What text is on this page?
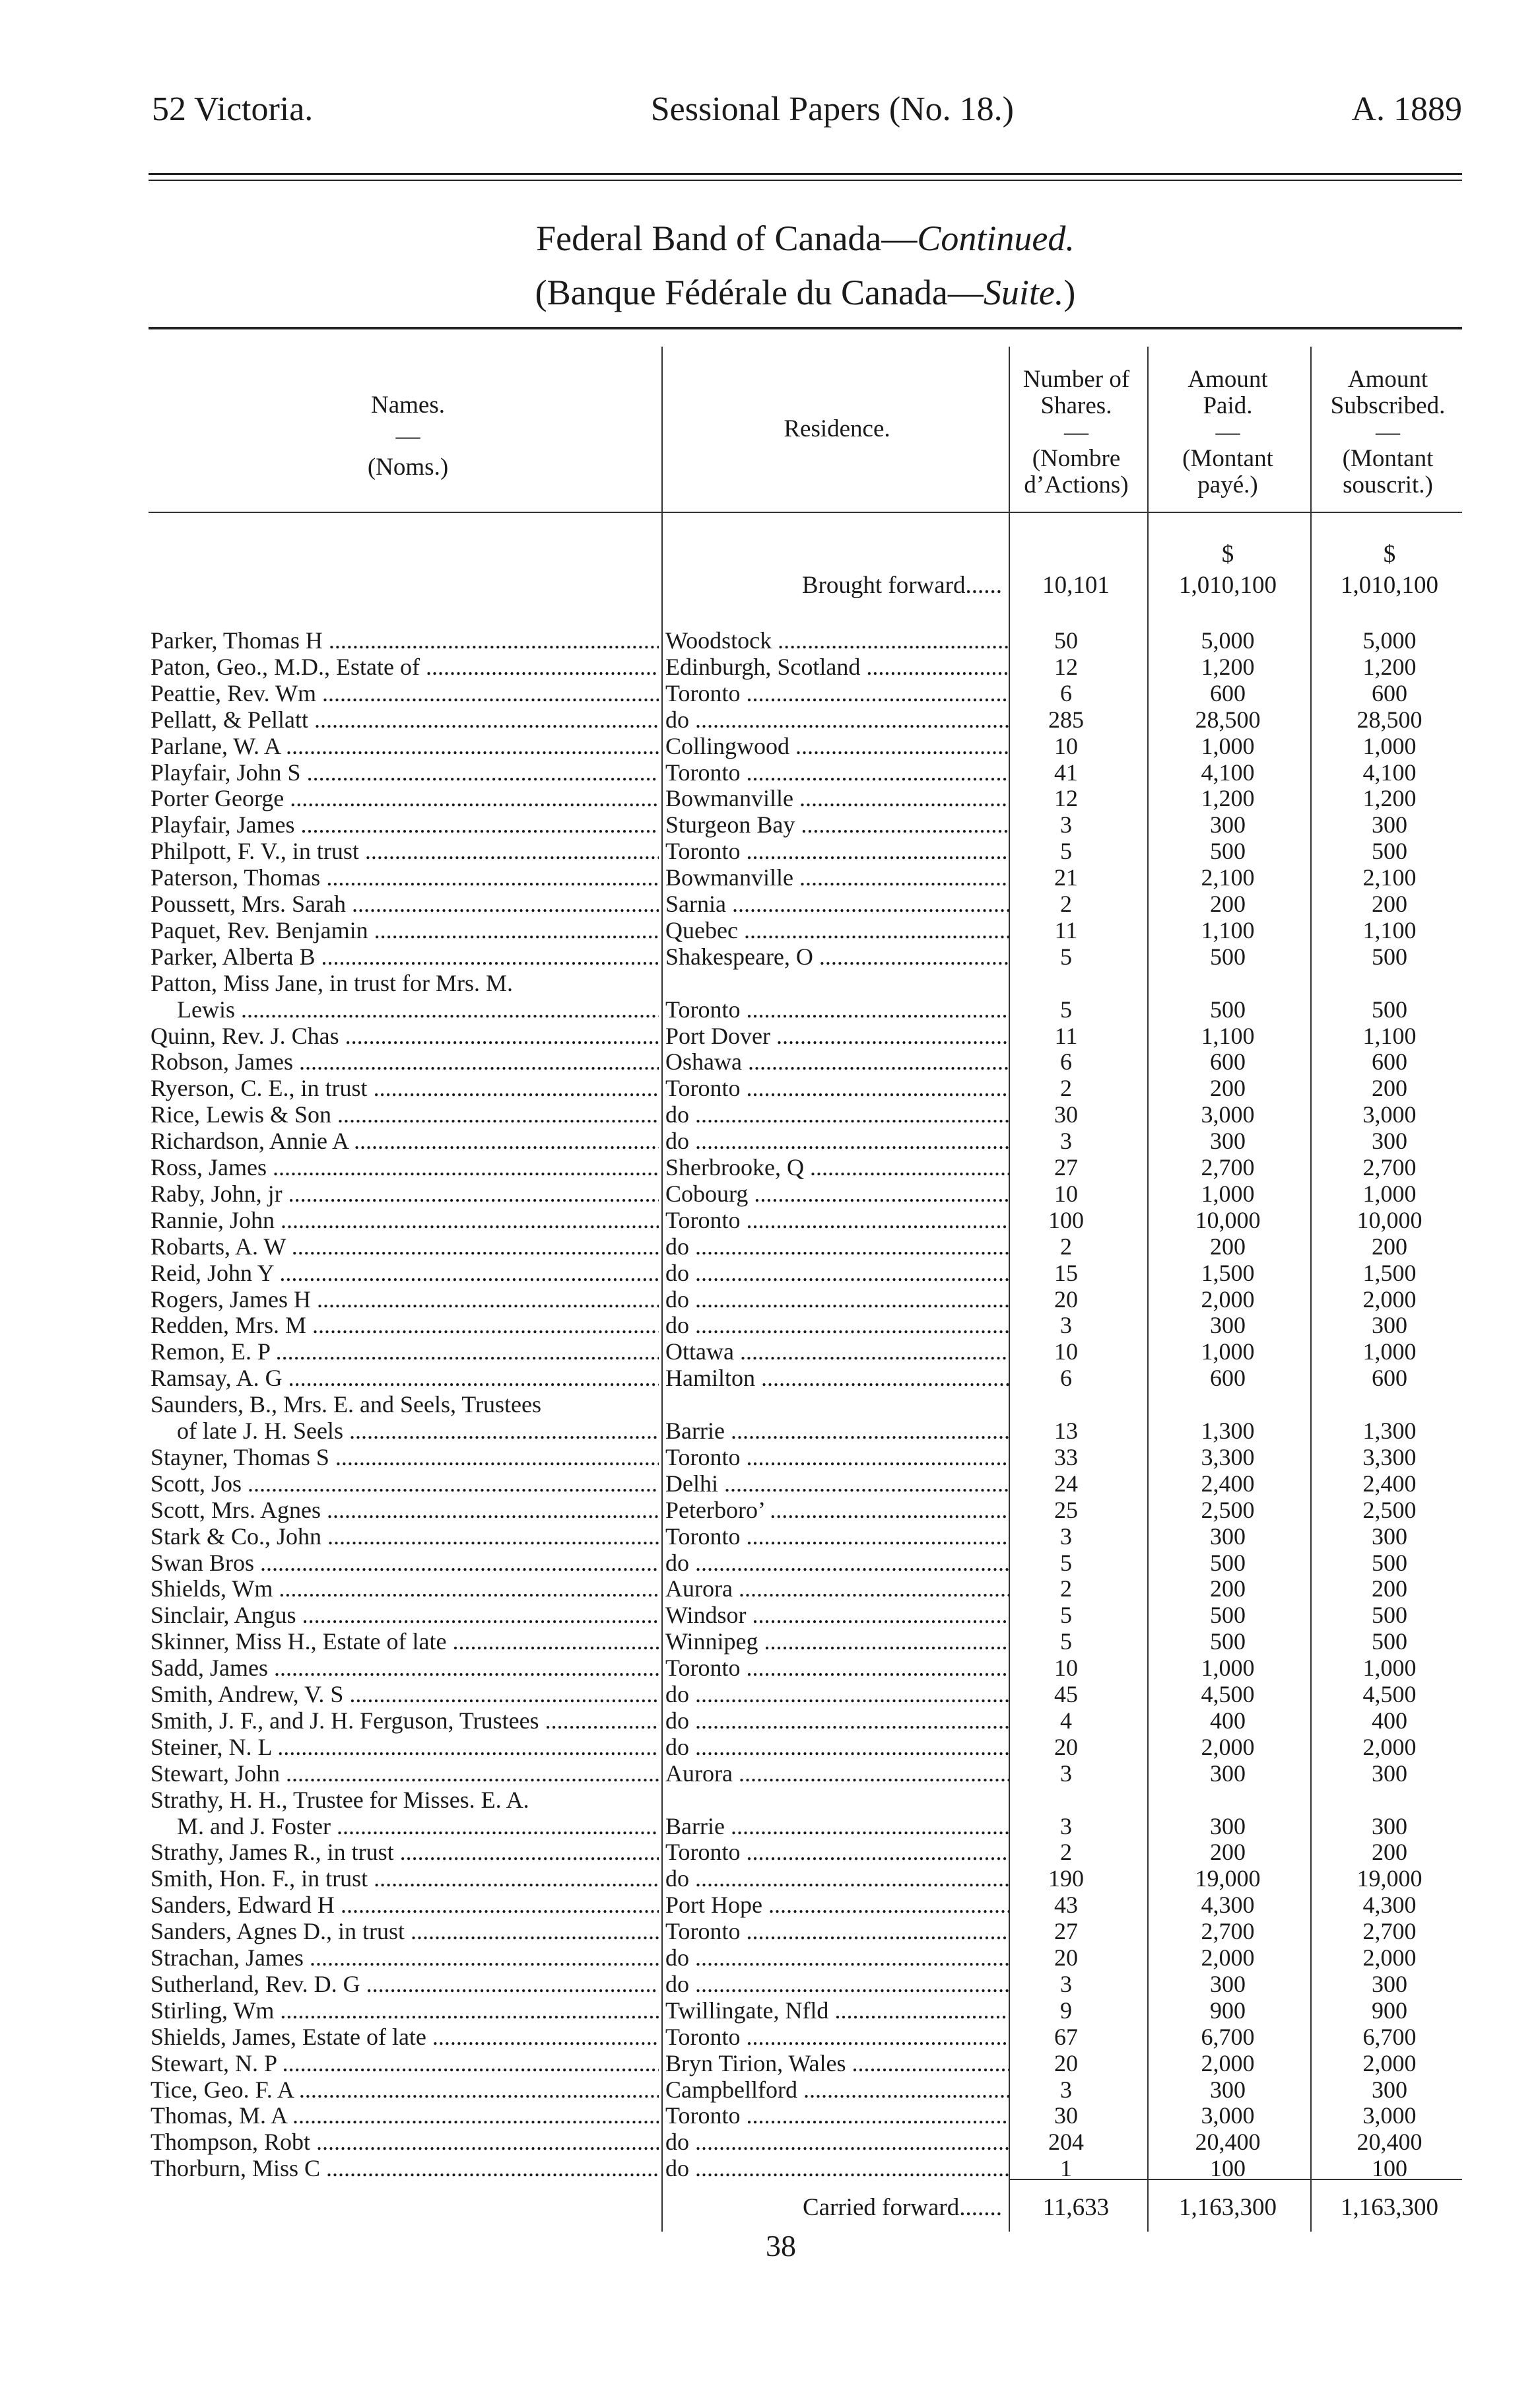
52 Victoria.	Sessional Papers (No. 18.)	A. 1889
Federal Band of Canada—Continued.
(Banque Fédérale du Canada—Suite.)
Names.
—
(Noms.)
Residence.
Number of
Shares.
—
(Nombre
d’Actions)
Amount
Paid.
—
(Montant
payé.)
Amount
Subscribed.
—
(Montant
souscrit.)
$	$
Brought forward......	10,101	1,010,100	1,010,100
Parker, Thomas H .....	Woodstock .....	50	5,000	5,000
Paton, Geo., M.D., Estate of .....	Edinburgh, Scotland .....	12	1,200	1,200
Peattie, Rev. Wm .....	Toronto .....	6	600	600
Pellatt, & Pellatt .....	do .....	285	28,500	28,500
Parlane, W. A .....	Collingwood .....	10	1,000	1,000
Playfair, John S .....	Toronto .....	41	4,100	4,100
Porter George .....	Bowmanville .....	12	1,200	1,200
Playfair, James .....	Sturgeon Bay .....	3	300	300
Philpott, F. V., in trust .....	Toronto .....	5	500	500
Paterson, Thomas .....	Bowmanville .....	21	2,100	2,100
Poussett, Mrs. Sarah .....	Sarnia .....	2	200	200
Paquet, Rev. Benjamin .....	Quebec .....	11	1,100	1,100
Parker, Alberta B .....	Shakespeare, O .....	5	500	500
Patton, Miss Jane, in trust for Mrs. M.
Lewis .....	Toronto .....	5	500	500
Quinn, Rev. J. Chas .....	Port Dover .....	11	1,100	1,100
Robson, James .....	Oshawa .....	6	600	600
Ryerson, C. E., in trust .....	Toronto .....	2	200	200
Rice, Lewis & Son .....	do .....	30	3,000	3,000
Richardson, Annie A .....	do .....	3	300	300
Ross, James .....	Sherbrooke, Q .....	27	2,700	2,700
Raby, John, jr .....	Cobourg .....	10	1,000	1,000
Rannie, John .....	Toronto .....	100	10,000	10,000
Robarts, A. W .....	do .....	2	200	200
Reid, John Y .....	do .....	15	1,500	1,500
Rogers, James H .....	do .....	20	2,000	2,000
Redden, Mrs. M .....	do .....	3	300	300
Remon, E. P .....	Ottawa .....	10	1,000	1,000
Ramsay, A. G .....	Hamilton .....	6	600	600
Saunders, B., Mrs. E. and Seels, Trustees
of late J. H. Seels .....	Barrie .....	13	1,300	1,300
Stayner, Thomas S .....	Toronto .....	33	3,300	3,300
Scott, Jos .....	Delhi .....	24	2,400	2,400
Scott, Mrs. Agnes .....	Peterboro’ .....	25	2,500	2,500
Stark & Co., John .....	Toronto .....	3	300	300
Swan Bros .....	do .....	5	500	500
Shields, Wm .....	Aurora .....	2	200	200
Sinclair, Angus .....	Windsor .....	5	500	500
Skinner, Miss H., Estate of late .....	Winnipeg .....	5	500	500
Sadd, James .....	Toronto .....	10	1,000	1,000
Smith, Andrew, V. S .....	do .....	45	4,500	4,500
Smith, J. F., and J. H. Ferguson, Trustees .....	do .....	4	400	400
Steiner, N. L .....	do .....	20	2,000	2,000
Stewart, John .....	Aurora .....	3	300	300
Strathy, H. H., Trustee for Misses. E. A.
M. and J. Foster .....	Barrie .....	3	300	300
Strathy, James R., in trust .....	Toronto .....	2	200	200
Smith, Hon. F., in trust .....	do .....	190	19,000	19,000
Sanders, Edward H .....	Port Hope .....	43	4,300	4,300
Sanders, Agnes D., in trust .....	Toronto .....	27	2,700	2,700
Strachan, James .....	do .....	20	2,000	2,000
Sutherland, Rev. D. G .....	do .....	3	300	300
Stirling, Wm .....	Twillingate, Nfld .....	9	900	900
Shields, James, Estate of late .....	Toronto .....	67	6,700	6,700
Stewart, N. P .....	Bryn Tirion, Wales .....	20	2,000	2,000
Tice, Geo. F. A .....	Campbellford .....	3	300	300
Thomas, M. A .....	Toronto .....	30	3,000	3,000
Thompson, Robt .....	do .....	204	20,400	20,400
Thorburn, Miss C .....	do .....	1	100	100
Carried forward.......	11,633	1,163,300	1,163,300
38
